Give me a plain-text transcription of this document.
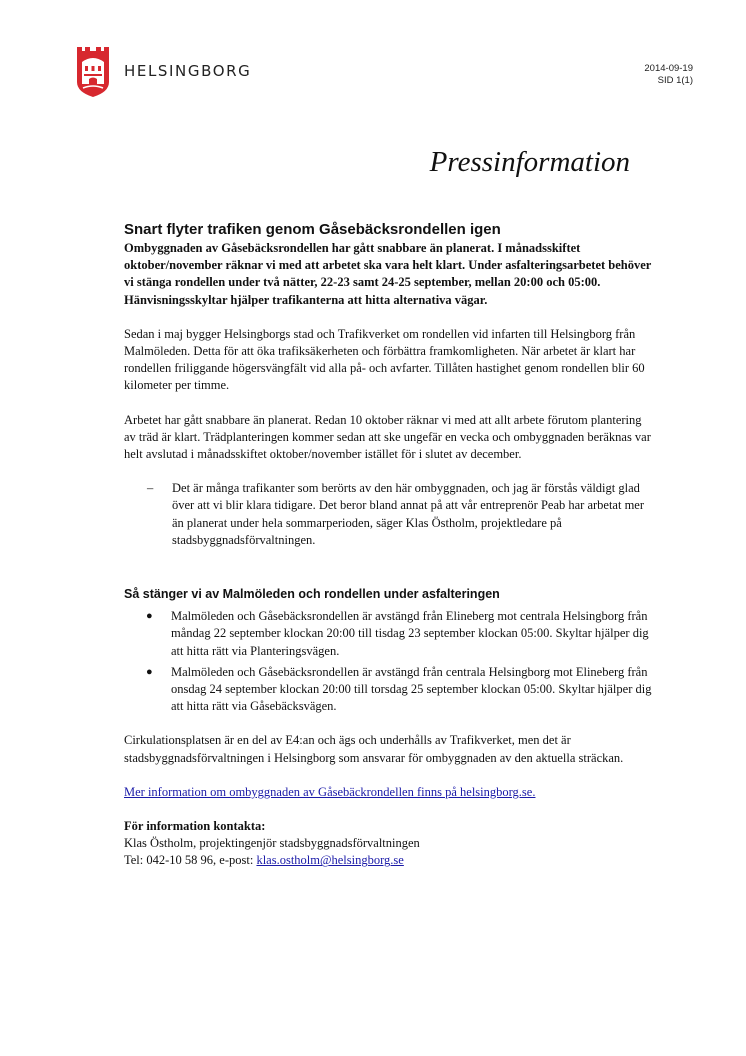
HELSINGBORG	2014-09-19
SID 1(1)
Pressinformation

Snart flyter trafiken genom Gåsebäcksrondellen igen

Ombyggnaden av Gåsebäcksrondellen har gått snabbare än planerat. I månadsskiftet oktober/november räknar vi med att arbetet ska vara helt klart. Under asfalteringsarbetet behöver vi stänga rondellen under två nätter, 22-23 samt 24-25 september, mellan 20:00 och 05:00. Hänvisningsskyltar hjälper trafikanterna att hitta alternativa vägar.

Sedan i maj bygger Helsingborgs stad och Trafikverket om rondellen vid infarten till Helsingborg från Malmöleden. Detta för att öka trafiksäkerheten och förbättra framkomligheten. När arbetet är klart har rondellen friliggande högersvängfält vid alla på- och avfarter. Tillåten hastighet genom rondellen blir 60 kilometer per timme.

Arbetet har gått snabbare än planerat. Redan 10 oktober räknar vi med att allt arbete förutom plantering av träd är klart. Trädplanteringen kommer sedan att ske ungefär en vecka och ombyggnaden beräknas var helt avslutad i månadsskiftet oktober/november istället för i slutet av december.

–	Det är många trafikanter som berörts av den här ombyggnaden, och jag är förstås väldigt glad över att vi blir klara tidigare. Det beror bland annat på att vår entreprenör Peab har arbetat mer än planerat under hela sommarperioden, säger Klas Östholm, projektledare på stadsbyggnadsförvaltningen.

Så stänger vi av Malmöleden och rondellen under asfalteringen

●	Malmöleden och Gåsebäcksrondellen är avstängd från Elineberg mot centrala Helsingborg från måndag 22 september klockan 20:00 till tisdag 23 september klockan 05:00. Skyltar hjälper dig att hitta rätt via Planteringsvägen.
●	Malmöleden och Gåsebäcksrondellen är avstängd från centrala Helsingborg mot Elineberg från onsdag 24 september klockan 20:00 till torsdag 25 september klockan 05:00. Skyltar hjälper dig att hitta rätt via Gåsebäcksvägen.

Cirkulationsplatsen är en del av E4:an och ägs och underhålls av Trafikverket, men det är stadsbyggnadsförvaltningen i Helsingborg som ansvarar för ombyggnaden av den aktuella sträckan.

Mer information om ombyggnaden av Gåsebäckrondellen finns på helsingborg.se.

För information kontakta:

Klas Östholm, projektingenjör stadsbyggnadsförvaltningen

Tel: 042-10 58 96, e-post: klas.ostholm@helsingborg.se
